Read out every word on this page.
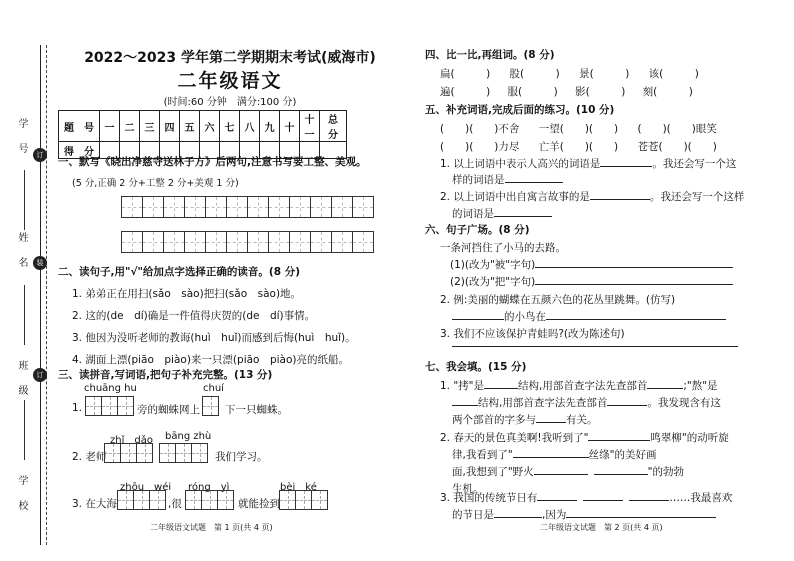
学 号
姓 名
班 级
学 校
订
装
订
2022～2023 学年第二学期期末考试(威海市)
二年级语文
(时间:60 分钟　满分:100 分)
题　号	一	二	三	四	五	六	七	八	九	十	十一	总　分
得　分												
一、默写《晓出净慈寺送林子方》后两句,注意书写要工整、美观。
(5 分,正确 2 分+工整 2 分+美观 1 分)
二、读句子,用"√"给加点字选择正确的读音。(8 分)
1. 弟弟正在用扫(sǎo　sào)把扫(sǎo　sào)地。
2. 这的(de　dí)确是一件值得庆贺的(de　dí)事情。
3. 他因为没听老师的教诲(huì　huǐ)而感到后悔(huì　huǐ)。
4. 湖面上漂(piāo　piào)来一只漂(piāo　piào)亮的纸船。
三、读拼音,写词语,把句子补充完整。(13 分)
chuāng hu	chuí
1.	旁的蜘蛛网上 下一只蜘蛛。
zhǐ　dǎo bāng zhù
2. 老师	我们学习。
zhōu　wéi róng　yì	bèi　ké
3. 在大海	,很	就能捡到
二年级语文试题　第 1 页(共 4 页)
四、比一比,再组词。(8 分)
扁(　　　) 股(　　　) 景(　　　) 该(　　　)
遍(　　　) 服(　　　) 影(　　　) 刻(　　　)
五、补充词语,完成后面的练习。(10 分)
(　　)(　　)不舍 一望(　　)(　　) (　　)(　　)眼笑
(　　)(　　)力尽 亡羊(　　)(　　) 苍苍(　　)(　　)
1. 以上词语中表示人高兴的词语是	。我还会写一个这
样的词语是
2. 以上词语中出自寓言故事的是	。我还会写一个这样
的词语是
六、句子广场。(8 分)
一条河挡住了小马的去路。
(1)(改为"被"字句)
(2)(改为"把"字句)
2. 例:美丽的蝴蝶在五颜六色的花丛里跳舞。(仿写)
的小鸟在
3. 我们不应该保护青蛙吗?(改为陈述句)
七、我会填。(15 分)
1. "拷"是	结构,用部首查字法先查部首	;"熬"是
结构,用部首查字法先查部首	。我发现含有这
两个部首的字多与	有关。
2. 春天的景色真美啊!我听到了"	鸣翠柳"的动听旋
律,我看到了"	丝绦"的美好画
面,我想到了"野火	"的勃勃
生机。
3. 我国的传统节日有	……我最喜欢
的节日是	,因为
二年级语文试题　第 2 页(共 4 页)
